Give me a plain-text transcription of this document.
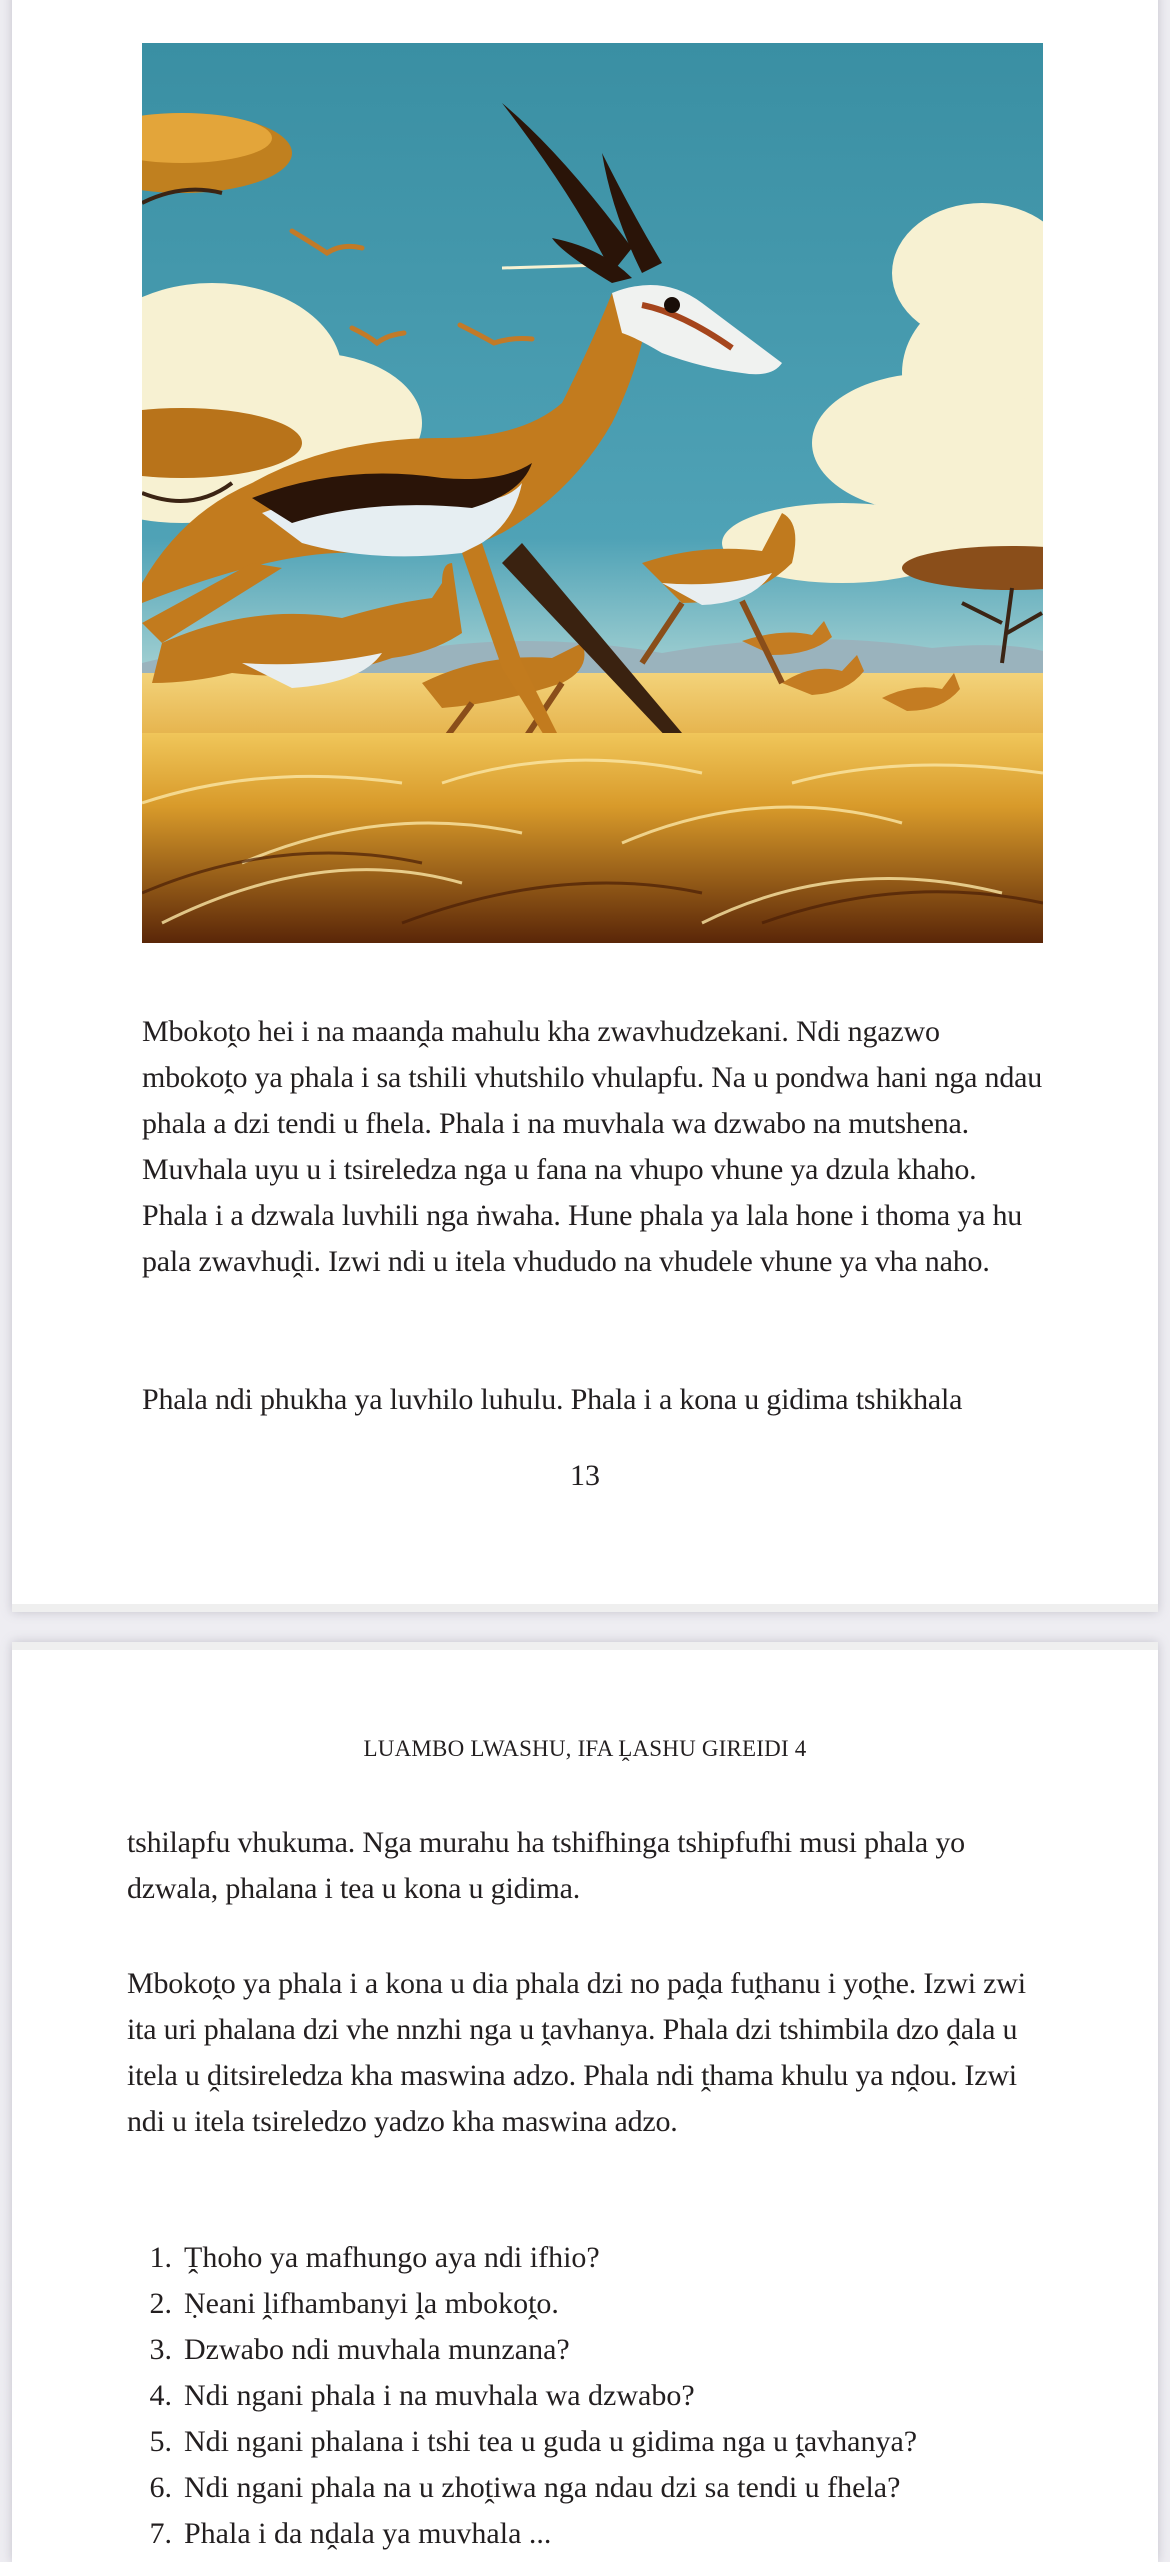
Mbokoṱo hei i na maanḓa mahulu kha zwavhudzekani. Ndi ngazwo mbokoṱo ya phala i sa tshili vhutshilo vhulapfu. Na u pondwa hani nga ndau phala a dzi tendi u fhela. Phala i na muvhala wa dzwabo na mutshena. Muvhala uyu u i tsireledza nga u fana na vhupo vhune ya dzula khaho. Phala i a dzwala luvhili nga ṅwaha. Hune phala ya lala hone i thoma ya hu pala zwavhuḓi. Izwi ndi u itela vhududo na vhudele vhune ya vha naho.

Phala ndi phukha ya luvhilo luhulu. Phala i a kona u gidima tshikhala

13
LUAMBO LWASHU, IFA ḼASHU GIREIDI 4

tshilapfu vhukuma. Nga murahu ha tshifhinga tshipfufhi musi phala yo dzwala, phalana i tea u kona u gidima.

Mbokoṱo ya phala i a kona u dia phala dzi no paḓa fuṱhanu i yoṱhe. Izwi zwi ita uri phalana dzi vhe nnzhi nga u ṱavhanya. Phala dzi tshimbila dzo ḓala u itela u ḓitsireledza kha maswina adzo. Phala ndi ṱhama khulu ya nḓou. Izwi ndi u itela tsireledzo yadzo kha maswina adzo.

1. Ṱhoho ya mafhungo aya ndi ifhio?
2. Ṇeani ḽifhambanyi ḽa mbokoṱo.
3. Dzwabo ndi muvhala munzana?
4. Ndi ngani phala i na muvhala wa dzwabo?
5. Ndi ngani phalana i tshi tea u guda u gidima nga u ṱavhanya?
6. Ndi ngani phala na u zhoṱiwa nga ndau dzi sa tendi u fhela?
7. Phala i da nḓala ya muvhala ...
